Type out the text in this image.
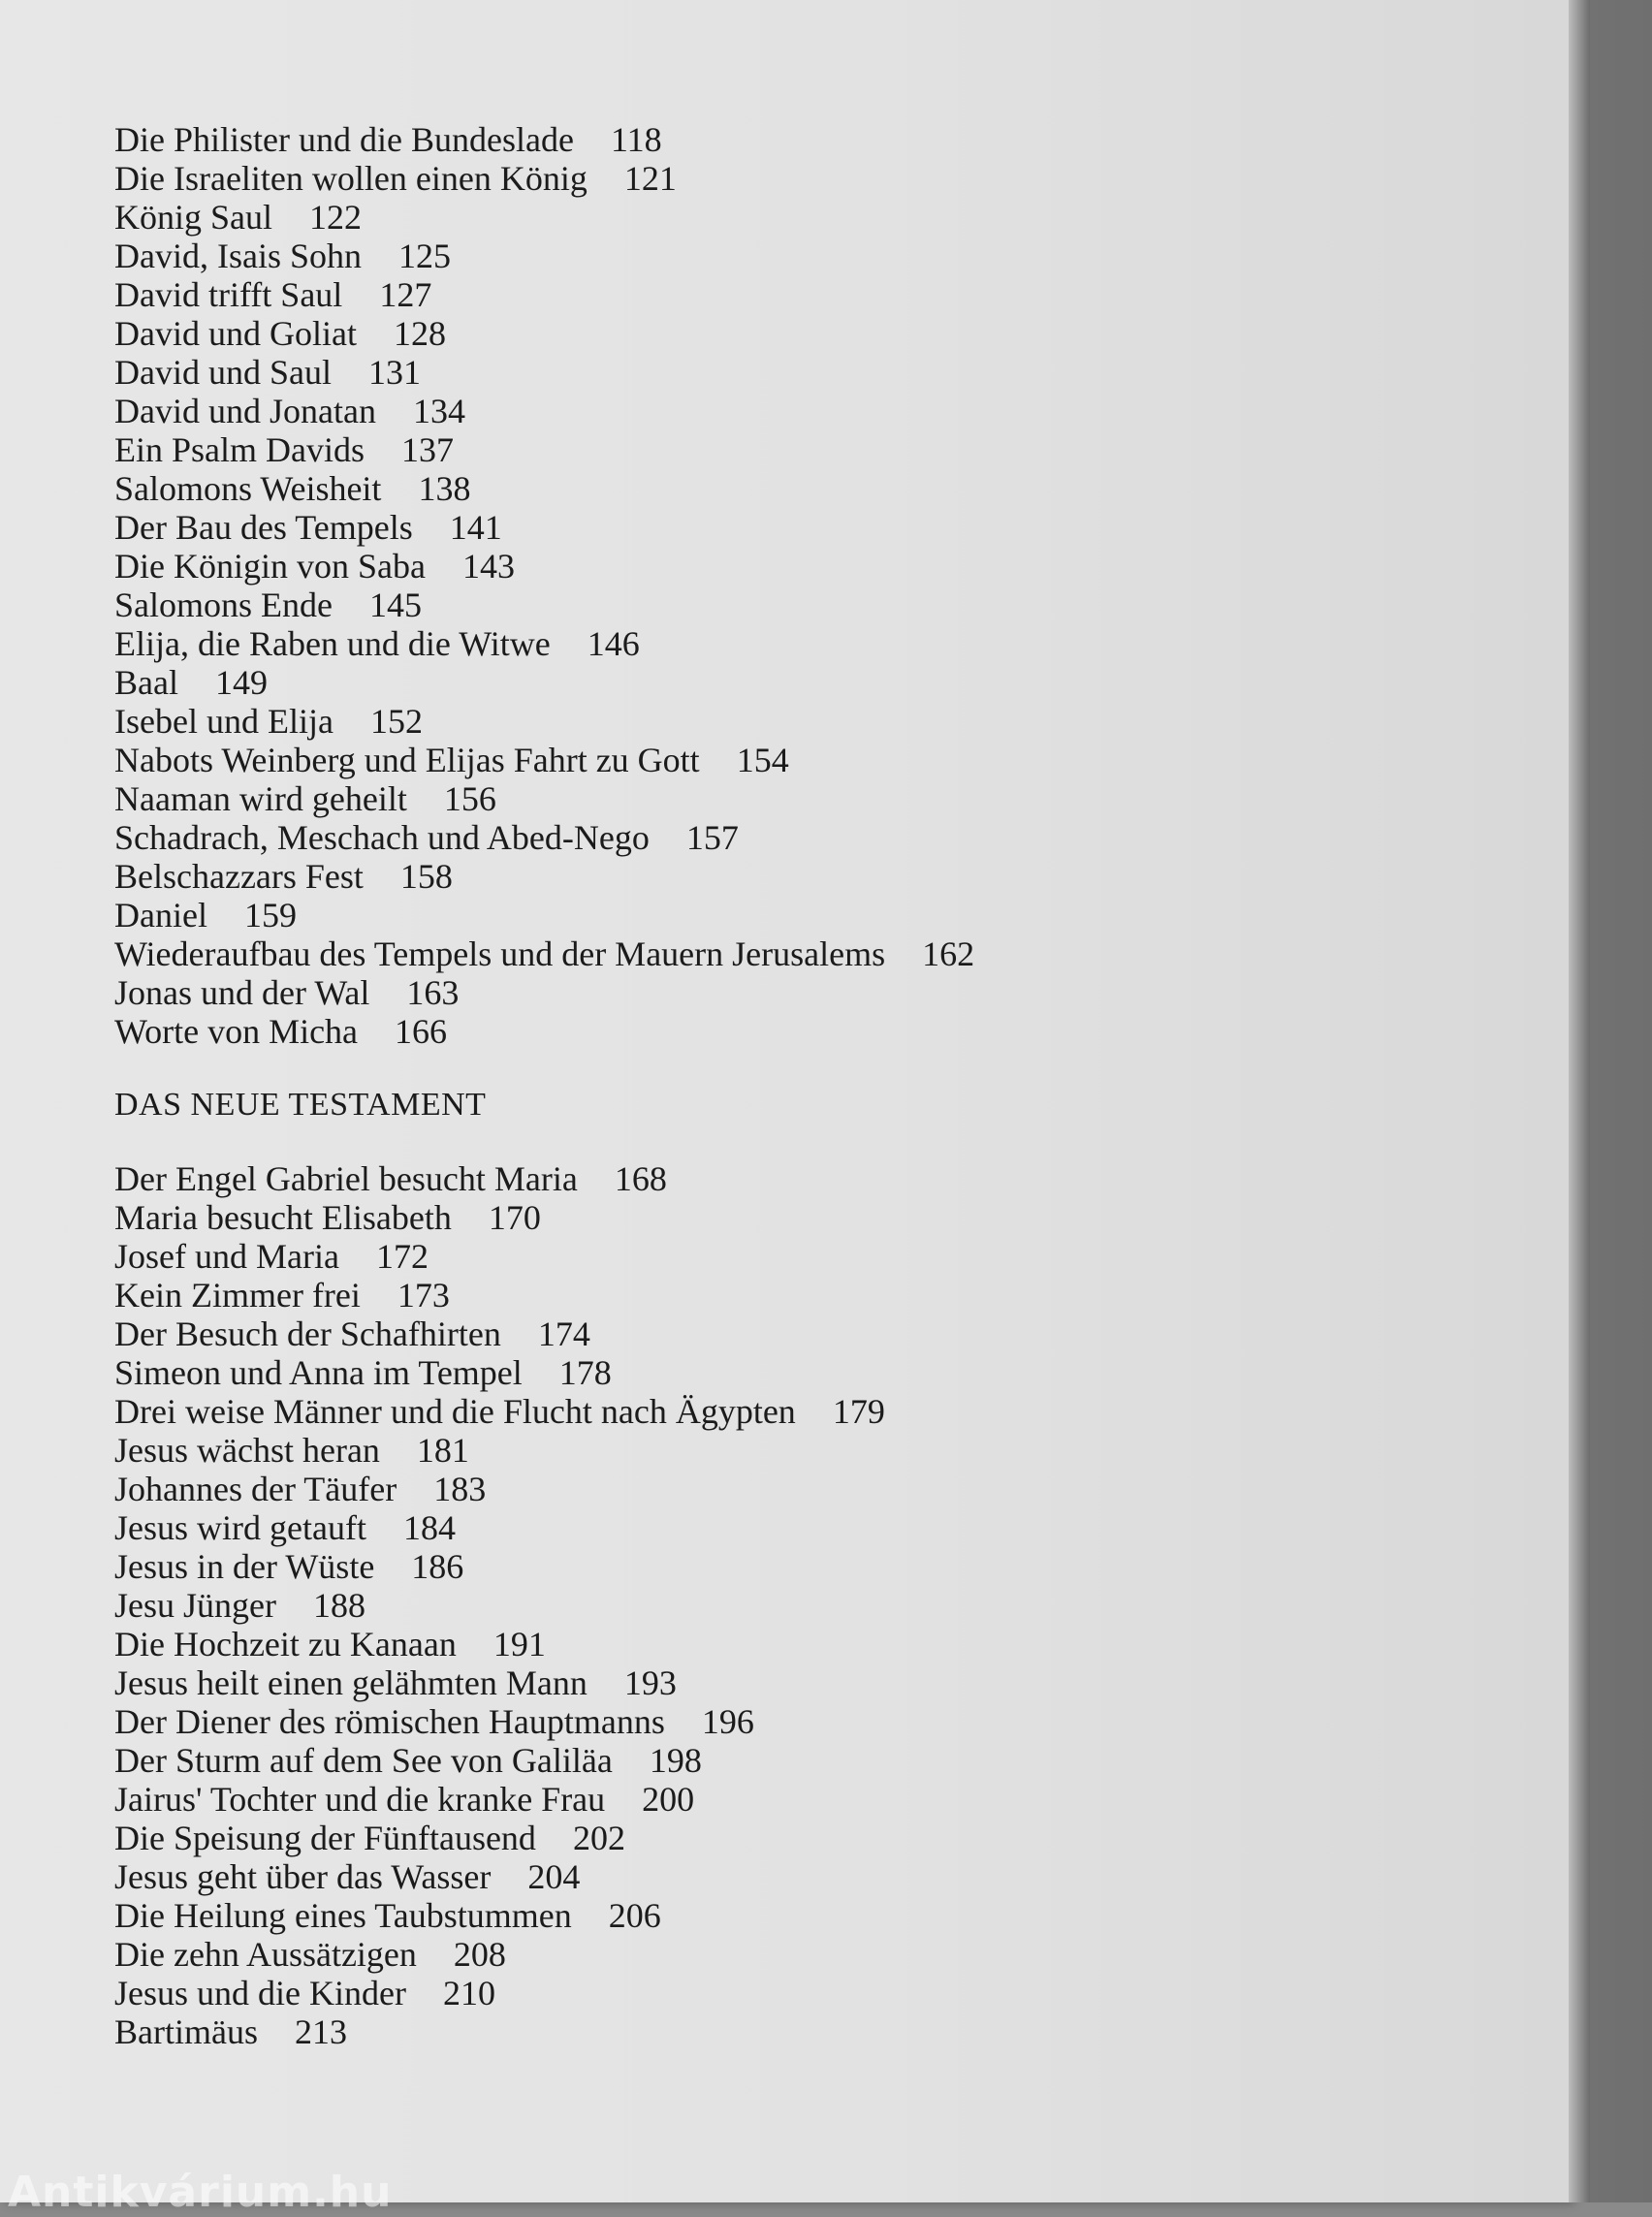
Die Philister und die Bundeslade 118
Die Israeliten wollen einen König 121
König Saul 122
David, Isais Sohn 125
David trifft Saul 127
David und Goliat 128
David und Saul 131
David und Jonatan 134
Ein Psalm Davids 137
Salomons Weisheit 138
Der Bau des Tempels 141
Die Königin von Saba 143
Salomons Ende 145
Elija, die Raben und die Witwe 146
Baal 149
Isebel und Elija 152
Nabots Weinberg und Elijas Fahrt zu Gott 154
Naaman wird geheilt 156
Schadrach, Meschach und Abed-Nego 157
Belschazzars Fest 158
Daniel 159
Wiederaufbau des Tempels und der Mauern Jerusalems 162
Jonas und der Wal 163
Worte von Micha 166
DAS NEUE TESTAMENT
Der Engel Gabriel besucht Maria 168
Maria besucht Elisabeth 170
Josef und Maria 172
Kein Zimmer frei 173
Der Besuch der Schafhirten 174
Simeon und Anna im Tempel 178
Drei weise Männer und die Flucht nach Ägypten 179
Jesus wächst heran 181
Johannes der Täufer 183
Jesus wird getauft 184
Jesus in der Wüste 186
Jesu Jünger 188
Die Hochzeit zu Kanaan 191
Jesus heilt einen gelähmten Mann 193
Der Diener des römischen Hauptmanns 196
Der Sturm auf dem See von Galiläa 198
Jairus' Tochter und die kranke Frau 200
Die Speisung der Fünftausend 202
Jesus geht über das Wasser 204
Die Heilung eines Taubstummen 206
Die zehn Aussätzigen 208
Jesus und die Kinder 210
Bartimäus 213
Antikvárium.hu
